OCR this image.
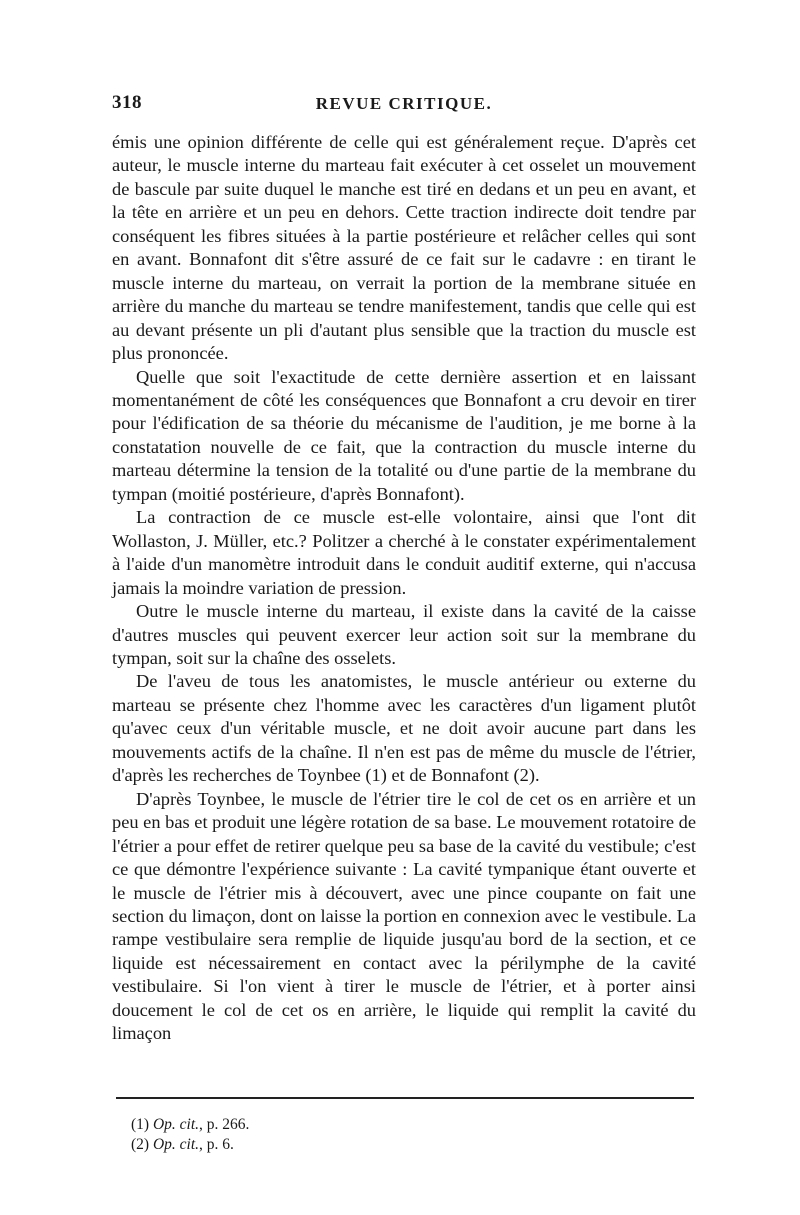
318	REVUE CRITIQUE.

émis une opinion différente de celle qui est généralement reçue. D'après cet auteur, le muscle interne du marteau fait exécuter à cet osselet un mouvement de bascule par suite duquel le manche est tiré en dedans et un peu en avant, et la tête en arrière et un peu en dehors. Cette traction indirecte doit tendre par conséquent les fibres situées à la partie postérieure et relâcher celles qui sont en avant. Bonnafont dit s'être assuré de ce fait sur le cadavre : en tirant le muscle interne du marteau, on verrait la portion de la membrane située en arrière du manche du marteau se tendre manifestement, tandis que celle qui est au devant présente un pli d'autant plus sensible que la traction du muscle est plus prononcée.

Quelle que soit l'exactitude de cette dernière assertion et en laissant momentanément de côté les conséquences que Bonnafont a cru devoir en tirer pour l'édification de sa théorie du mécanisme de l'audition, je me borne à la constatation nouvelle de ce fait, que la contraction du muscle interne du marteau détermine la tension de la totalité ou d'une partie de la membrane du tympan (moitié postérieure, d'après Bonnafont).

La contraction de ce muscle est-elle volontaire, ainsi que l'ont dit Wollaston, J. Müller, etc.? Politzer a cherché à le constater expérimentalement à l'aide d'un manomètre introduit dans le conduit auditif externe, qui n'accusa jamais la moindre variation de pression.

Outre le muscle interne du marteau, il existe dans la cavité de la caisse d'autres muscles qui peuvent exercer leur action soit sur la membrane du tympan, soit sur la chaîne des osselets.

De l'aveu de tous les anatomistes, le muscle antérieur ou externe du marteau se présente chez l'homme avec les caractères d'un ligament plutôt qu'avec ceux d'un véritable muscle, et ne doit avoir aucune part dans les mouvements actifs de la chaîne. Il n'en est pas de même du muscle de l'étrier, d'après les recherches de Toynbee (1) et de Bonnafont (2).

D'après Toynbee, le muscle de l'étrier tire le col de cet os en arrière et un peu en bas et produit une légère rotation de sa base. Le mouvement rotatoire de l'étrier a pour effet de retirer quelque peu sa base de la cavité du vestibule; c'est ce que démontre l'expérience suivante : La cavité tympanique étant ouverte et le muscle de l'étrier mis à découvert, avec une pince coupante on fait une section du limaçon, dont on laisse la portion en connexion avec le vestibule. La rampe vestibulaire sera remplie de liquide jusqu'au bord de la section, et ce liquide est nécessairement en contact avec la périlymphe de la cavité vestibulaire. Si l'on vient à tirer le muscle de l'étrier, et à porter ainsi doucement le col de cet os en arrière, le liquide qui remplit la cavité du limaçon

(1) Op. cit., p. 266.

(2) Op. cit., p. 6.
